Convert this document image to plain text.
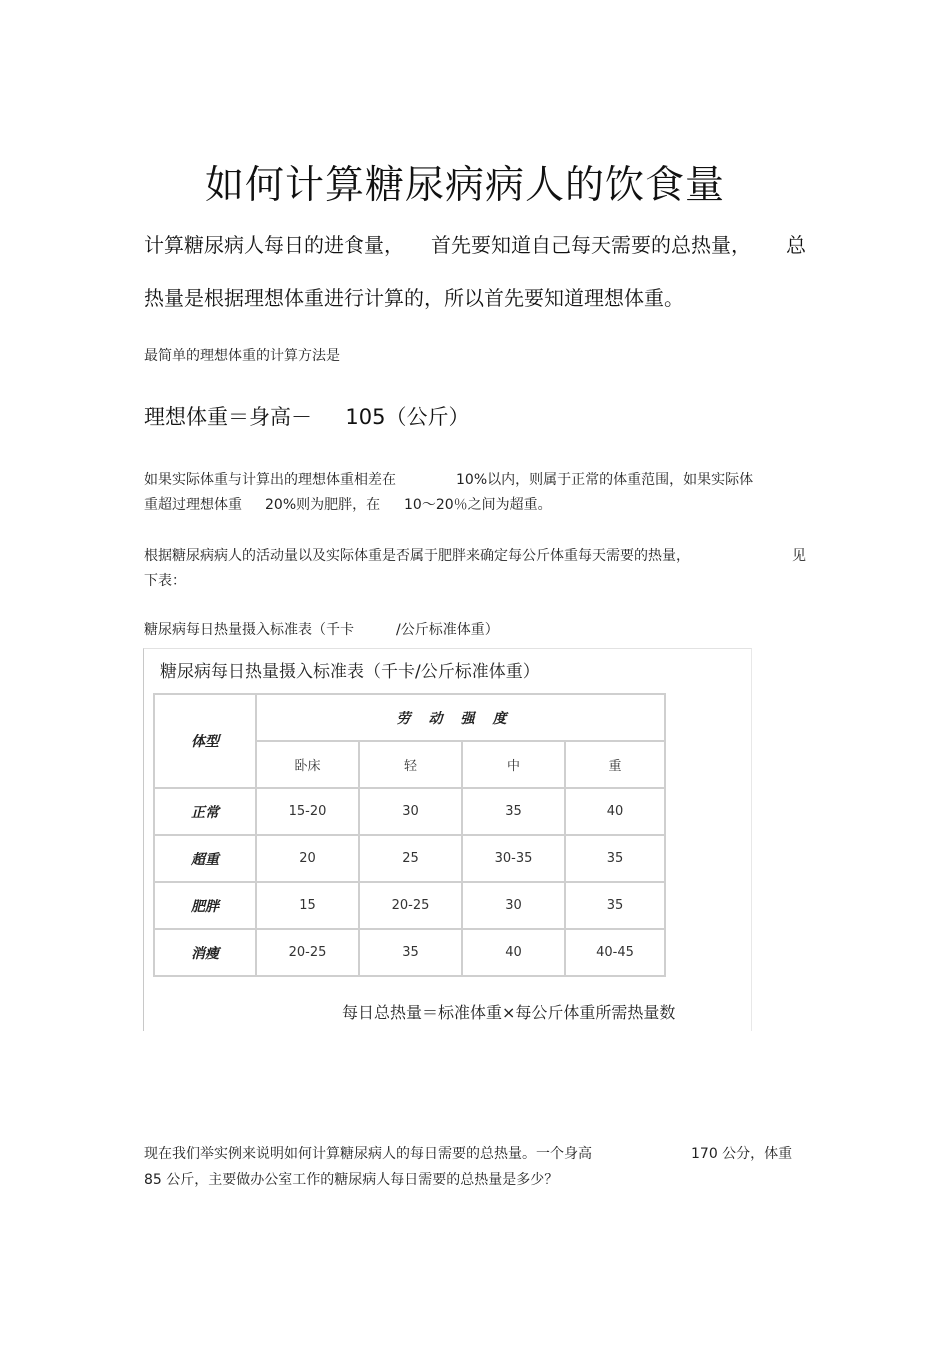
如何计算糖尿病病人的饮食量
计算糖尿病人每日的进食量， 首先要知道自己每天需要的总热量， 总
热量是根据理想体重进行计算的，所以首先要知道理想体重。
最简单的理想体重的计算方法是
理想体重＝身高－ 105（公斤）
如果实际体重与计算出的理想体重相差在	10%以内，则属于正常的体重范围，如果实际体
重超过理想体重 20%则为肥胖，在 10～20％之间为超重。
根据糖尿病病人的活动量以及实际体重是否属于肥胖来确定每公斤体重每天需要的热量，	见
下表：
糖尿病每日热量摄入标准表（千卡	/公斤标准体重）
糖尿病每日热量摄入标准表（千卡/公斤标准体重）
体型	劳动强度			
	卧床	轻	中	重
正常	15-20	30	35	40
超重	20	25	30-35	35
肥胖	15	20-25	30	35
消瘦	20-25	35	40	40-45
每日总热量＝标准体重×每公斤体重所需热量数
现在我们举实例来说明如何计算糖尿病人的每日需要的总热量。一个身高	170 公分，体重
85 公斤，主要做办公室工作的糖尿病人每日需要的总热量是多少？
